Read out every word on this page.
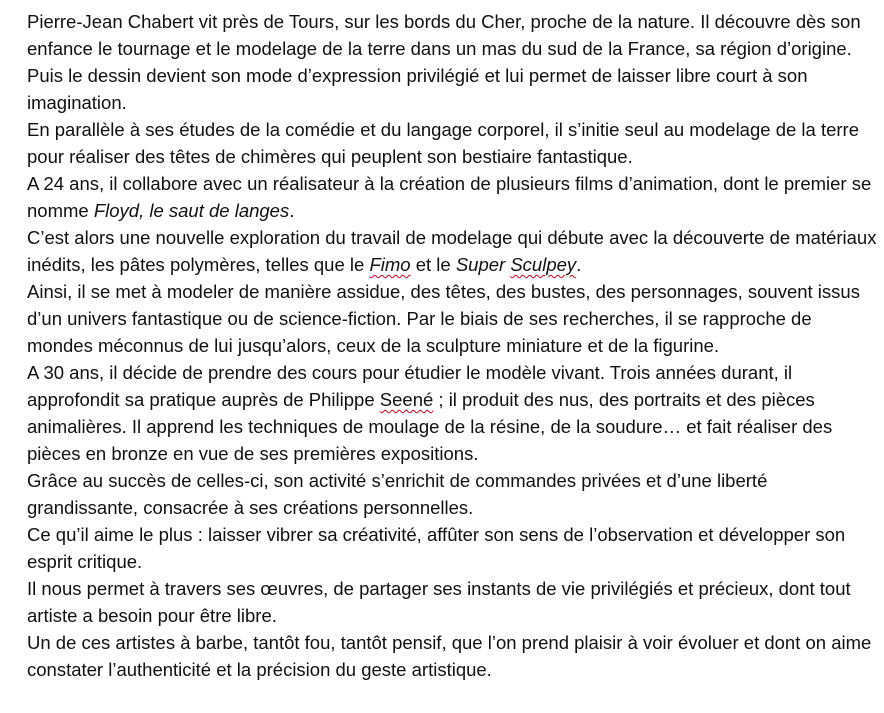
Pierre-Jean Chabert vit près de Tours, sur les bords du Cher, proche de la nature. Il découvre dès son enfance le tournage et le modelage de la terre dans un mas du sud de la France, sa région d’origine. Puis le dessin devient son mode d’expression privilégié et lui permet de laisser libre court à son imagination.

En parallèle à ses études de la comédie et du langage corporel, il s’initie seul au modelage de la terre pour réaliser des têtes de chimères qui peuplent son bestiaire fantastique.

A 24 ans, il collabore avec un réalisateur à la création de plusieurs films d’animation, dont le premier se nomme Floyd, le saut de langes.

C’est alors une nouvelle exploration du travail de modelage qui débute avec la découverte de matériaux inédits, les pâtes polymères, telles que le Fimo et le Super Sculpey.

Ainsi, il se met à modeler de manière assidue, des têtes, des bustes, des personnages, souvent issus d’un univers fantastique ou de science-fiction. Par le biais de ses recherches, il se rapproche de mondes méconnus de lui jusqu’alors, ceux de la sculpture miniature et de la figurine.

A 30 ans, il décide de prendre des cours pour étudier le modèle vivant. Trois années durant, il approfondit sa pratique auprès de Philippe Seené ; il produit des nus, des portraits et des pièces animalières. Il apprend les techniques de moulage de la résine, de la soudure… et fait réaliser des pièces en bronze en vue de ses premières expositions.

Grâce au succès de celles-ci, son activité s’enrichit de commandes privées et d’une liberté grandissante, consacrée à ses créations personnelles.

Ce qu’il aime le plus : laisser vibrer sa créativité, affûter son sens de l’observation et développer son esprit critique.

Il nous permet à travers ses œuvres, de partager ses instants de vie privilégiés et précieux, dont tout artiste a besoin pour être libre.

Un de ces artistes à barbe, tantôt fou, tantôt pensif, que l’on prend plaisir à voir évoluer et dont on aime constater l’authenticité et la précision du geste artistique.
